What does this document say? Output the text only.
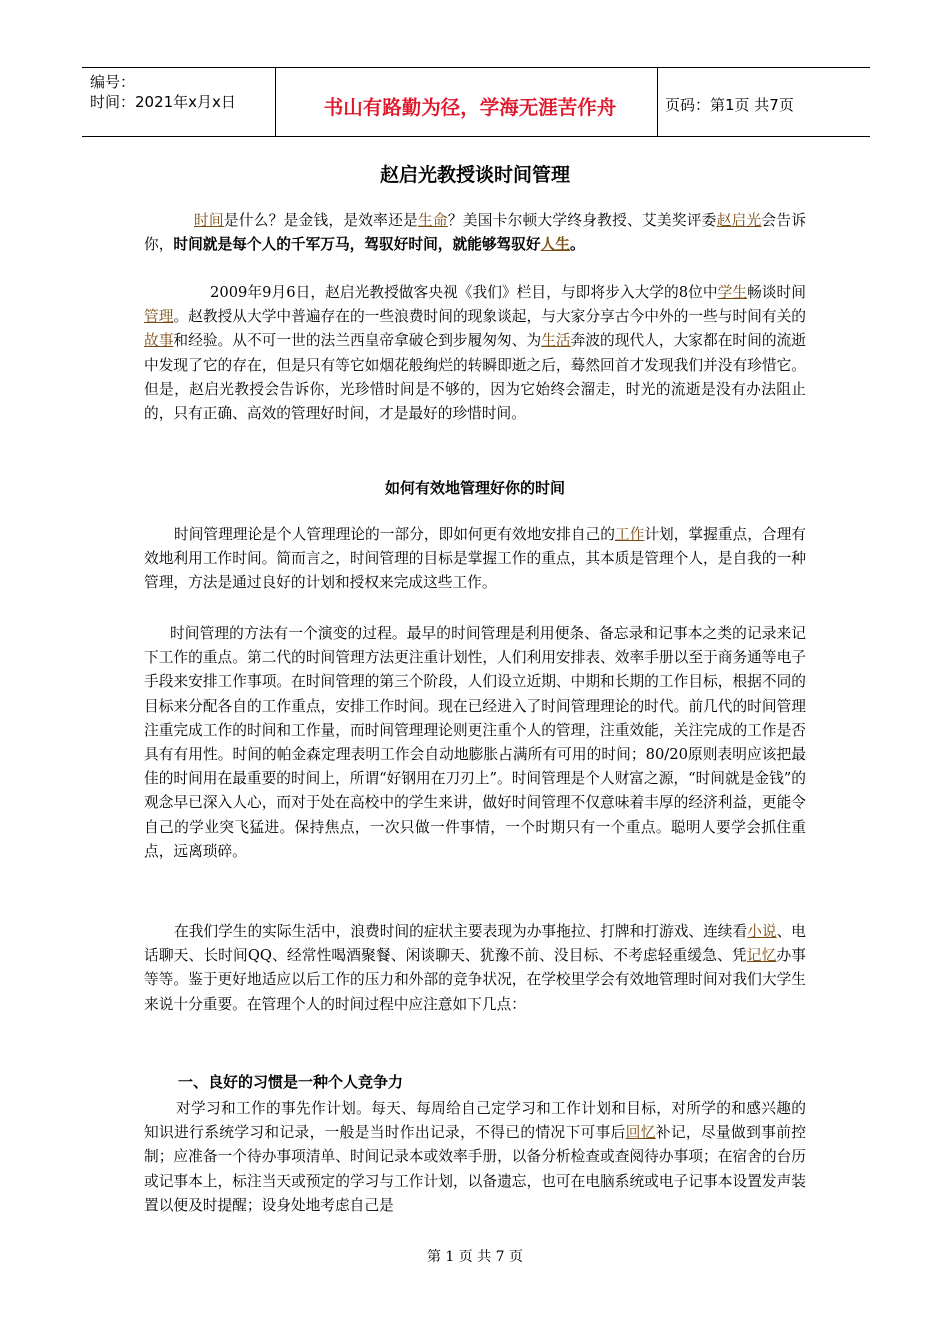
编号：
时间：2021年x月x日	书山有路勤为径，学海无涯苦作舟	页码：第1页 共7页
赵启光教授谈时间管理

时间是什么？是金钱，是效率还是生命？美国卡尔顿大学终身教授、艾美奖评委赵启光会告诉你，时间就是每个人的千军万马，驾驭好时间，就能够驾驭好人生。

2009年9月6日，赵启光教授做客央视《我们》栏目，与即将步入大学的8位中学生畅谈时间管理。赵教授从大学中普遍存在的一些浪费时间的现象谈起，与大家分享古今中外的一些与时间有关的故事和经验。从不可一世的法兰西皇帝拿破仑到步履匆匆、为生活奔波的现代人，大家都在时间的流逝中发现了它的存在，但是只有等它如烟花般绚烂的转瞬即逝之后，蓦然回首才发现我们并没有珍惜它。但是，赵启光教授会告诉你，光珍惜时间是不够的，因为它始终会溜走，时光的流逝是没有办法阻止的，只有正确、高效的管理好时间，才是最好的珍惜时间。

如何有效地管理好你的时间

时间管理理论是个人管理理论的一部分，即如何更有效地安排自己的工作计划，掌握重点，合理有效地利用工作时间。简而言之，时间管理的目标是掌握工作的重点，其本质是管理个人，是自我的一种管理，方法是通过良好的计划和授权来完成这些工作。

时间管理的方法有一个演变的过程。最早的时间管理是利用便条、备忘录和记事本之类的记录来记下工作的重点。第二代的时间管理方法更注重计划性，人们利用安排表、效率手册以至于商务通等电子手段来安排工作事项。在时间管理的第三个阶段，人们设立近期、中期和长期的工作目标，根据不同的目标来分配各自的工作重点，安排工作时间。现在已经进入了时间管理理论的时代。前几代的时间管理注重完成工作的时间和工作量，而时间管理理论则更注重个人的管理，注重效能，关注完成的工作是否具有有用性。时间的帕金森定理表明工作会自动地膨胀占满所有可用的时间；80/20原则表明应该把最佳的时间用在最重要的时间上，所谓“好钢用在刀刃上”。时间管理是个人财富之源，“时间就是金钱”的观念早已深入人心，而对于处在高校中的学生来讲，做好时间管理不仅意味着丰厚的经济利益，更能令自己的学业突飞猛进。保持焦点，一次只做一件事情，一个时期只有一个重点。聪明人要学会抓住重点，远离琐碎。

在我们学生的实际生活中，浪费时间的症状主要表现为办事拖拉、打牌和打游戏、连续看小说、电话聊天、长时间QQ、经常性喝酒聚餐、闲谈聊天、犹豫不前、没目标、不考虑轻重缓急、凭记忆办事等等。鉴于更好地适应以后工作的压力和外部的竞争状况，在学校里学会有效地管理时间对我们大学生来说十分重要。在管理个人的时间过程中应注意如下几点：

一、良好的习惯是一种个人竞争力

对学习和工作的事先作计划。每天、每周给自己定学习和工作计划和目标，对所学的和感兴趣的知识进行系统学习和记录，一般是当时作出记录，不得已的情况下可事后回忆补记，尽量做到事前控制；应准备一个待办事项清单、时间记录本或效率手册，以备分析检查或查阅待办事项；在宿舍的台历或记事本上，标注当天或预定的学习与工作计划，以备遗忘，也可在电脑系统或电子记事本设置发声装置以便及时提醒；设身处地考虑自己是

第 1 页 共 7 页
